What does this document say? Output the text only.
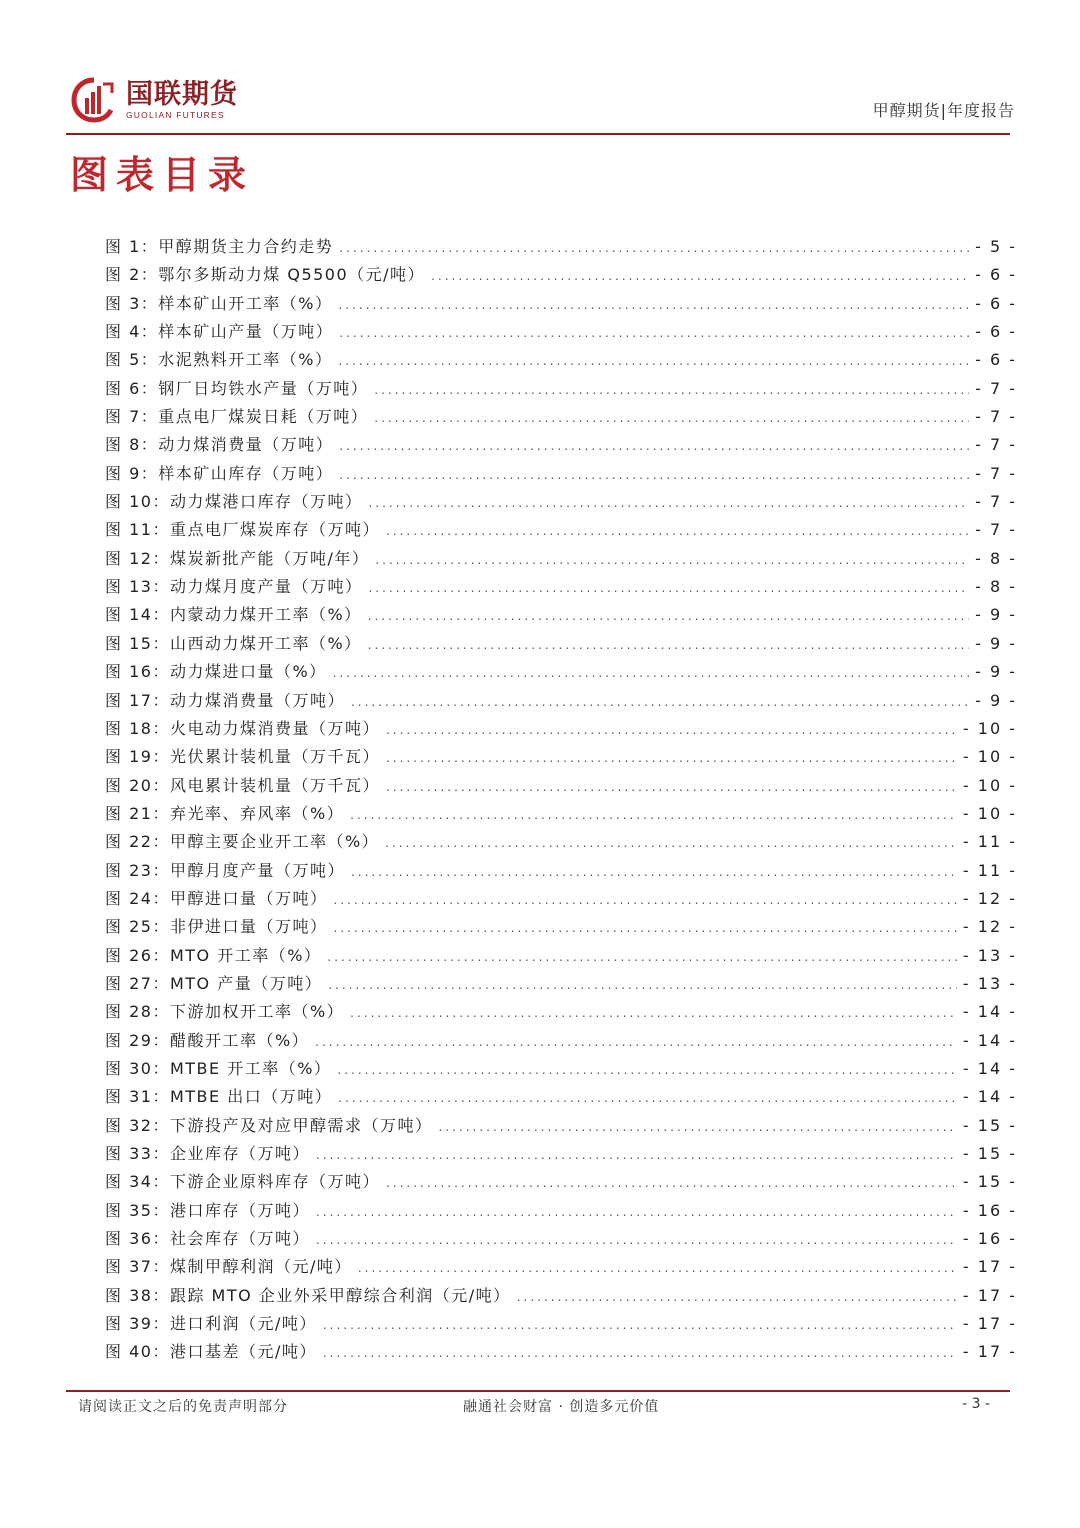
国联期货
GUOLIAN FUTURES	甲醇期货|年度报告
图表目录
图 1：甲醇期货主力合约走势 .....	- 5 -
图 2：鄂尔多斯动力煤 Q5500（元/吨） .....	- 6 -
图 3：样本矿山开工率（%） .....	- 6 -
图 4：样本矿山产量（万吨） .....	- 6 -
图 5：水泥熟料开工率（%） .....	- 6 -
图 6：钢厂日均铁水产量（万吨） .....	- 7 -
图 7：重点电厂煤炭日耗（万吨） .....	- 7 -
图 8：动力煤消费量（万吨） .....	- 7 -
图 9：样本矿山库存（万吨） .....	- 7 -
图 10：动力煤港口库存（万吨） .....	- 7 -
图 11：重点电厂煤炭库存（万吨） .....	- 7 -
图 12：煤炭新批产能（万吨/年） .....	- 8 -
图 13：动力煤月度产量（万吨） .....	- 8 -
图 14：内蒙动力煤开工率（%） .....	- 9 -
图 15：山西动力煤开工率（%） .....	- 9 -
图 16：动力煤进口量（%） .....	- 9 -
图 17：动力煤消费量（万吨） .....	- 9 -
图 18：火电动力煤消费量（万吨） .....	- 10 -
图 19：光伏累计装机量（万千瓦） .....	- 10 -
图 20：风电累计装机量（万千瓦） .....	- 10 -
图 21：弃光率、弃风率（%） .....	- 10 -
图 22：甲醇主要企业开工率（%） .....	- 11 -
图 23：甲醇月度产量（万吨） .....	- 11 -
图 24：甲醇进口量（万吨） .....	- 12 -
图 25：非伊进口量（万吨） .....	- 12 -
图 26：MTO 开工率（%） .....	- 13 -
图 27：MTO 产量（万吨） .....	- 13 -
图 28：下游加权开工率（%） .....	- 14 -
图 29：醋酸开工率（%） .....	- 14 -
图 30：MTBE 开工率（%） .....	- 14 -
图 31：MTBE 出口（万吨） .....	- 14 -
图 32：下游投产及对应甲醇需求（万吨） .....	- 15 -
图 33：企业库存（万吨） .....	- 15 -
图 34：下游企业原料库存（万吨） .....	- 15 -
图 35：港口库存（万吨） .....	- 16 -
图 36：社会库存（万吨） .....	- 16 -
图 37：煤制甲醇利润（元/吨） .....	- 17 -
图 38：跟踪 MTO 企业外采甲醇综合利润（元/吨） .....	- 17 -
图 39：进口利润（元/吨） .....	- 17 -
图 40：港口基差（元/吨） .....	- 17 -
请阅读正文之后的免责声明部分	融通社会财富 · 创造多元价值	- 3 -
